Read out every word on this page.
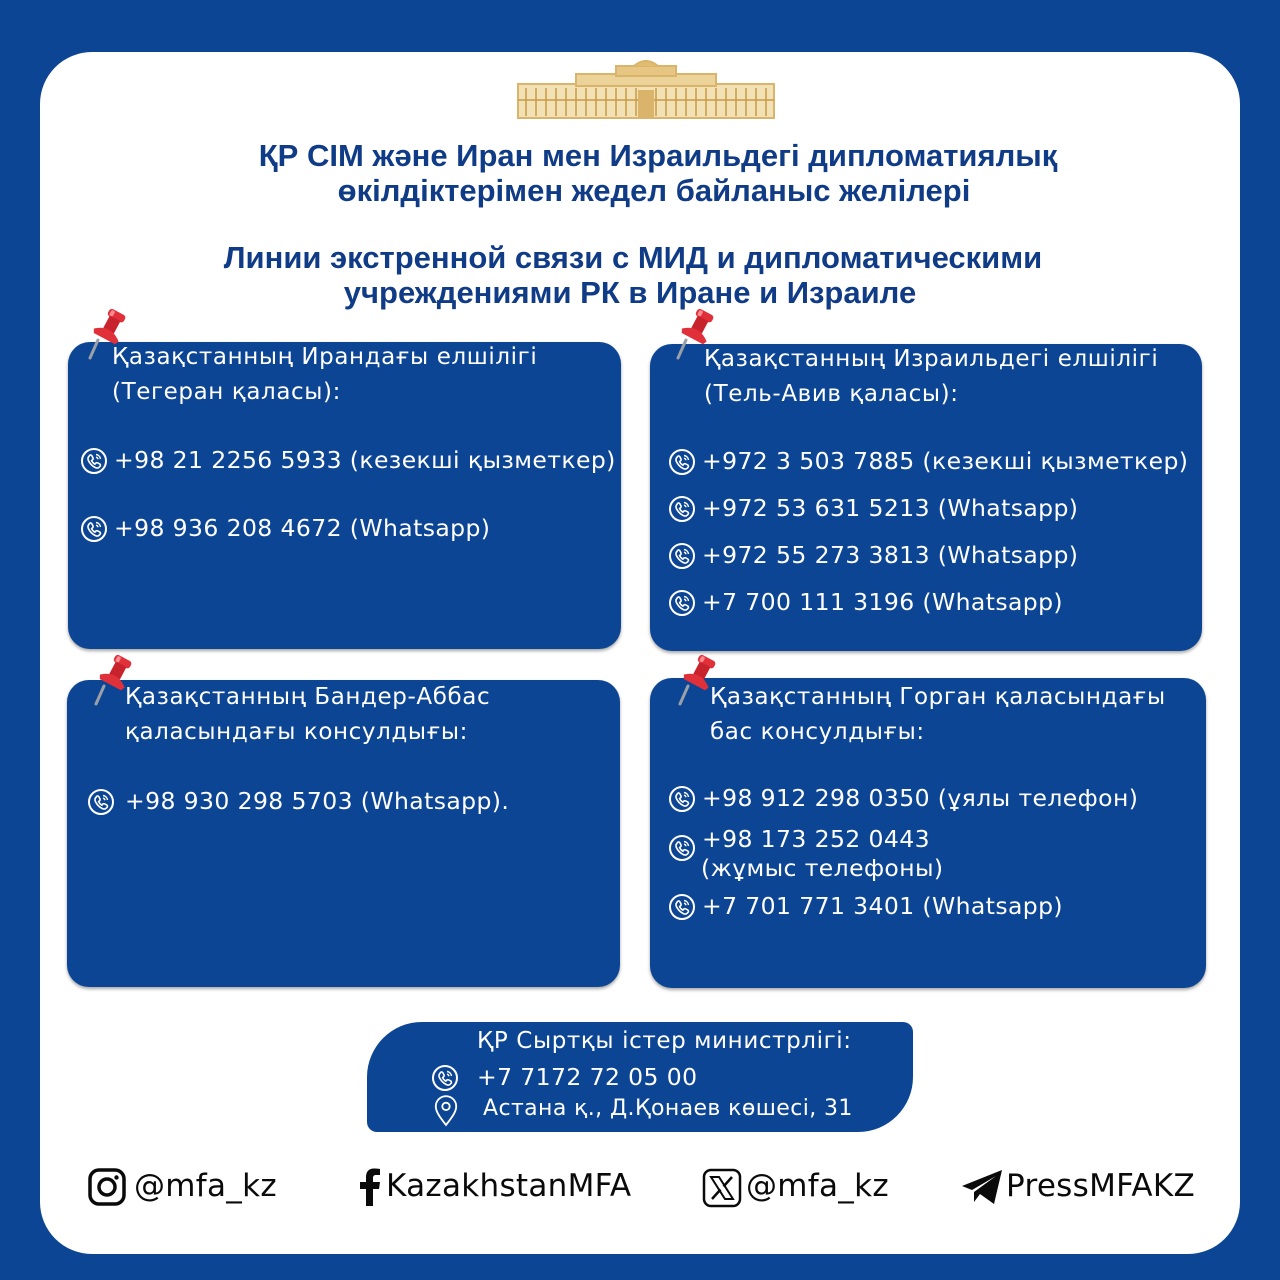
ҚР СІМ және Иран мен Израильдегі дипломатиялық
өкілдіктерімен жедел байланыс желілері
Линии экстренной связи с МИД и дипломатическими
учреждениями РК в Иране и Израиле
Қазақстанның Ирандағы елшілігі
(Тегеран қаласы):
+98 21 2256 5933 (кезекші қызметкер)
+98 936 208 4672 (Whatsapp)
Қазақстанның Израильдегі елшілігі
(Тель-Авив қаласы):
+972 3 503 7885 (кезекші қызметкер)
+972 53 631 5213 (Whatsapp)
+972 55 273 3813 (Whatsapp)
+7 700 111 3196 (Whatsapp)
Қазақстанның Бандер-Аббас
қаласындағы консулдығы:
+98 930 298 5703 (Whatsapp).
Қазақстанның Горган қаласындағы
бас консулдығы:
+98 912 298 0350 (ұялы телефон)
+98 173 252 0443
(жұмыс телефоны)
+7 701 771 3401 (Whatsapp)
ҚР Сыртқы істер министрлігі:
+7 7172 72 05 00
Астана қ., Д.Қонаев көшесі, 31
@mfa_kz	KazakhstanMFA	@mfa_kz	PressMFAKZ
